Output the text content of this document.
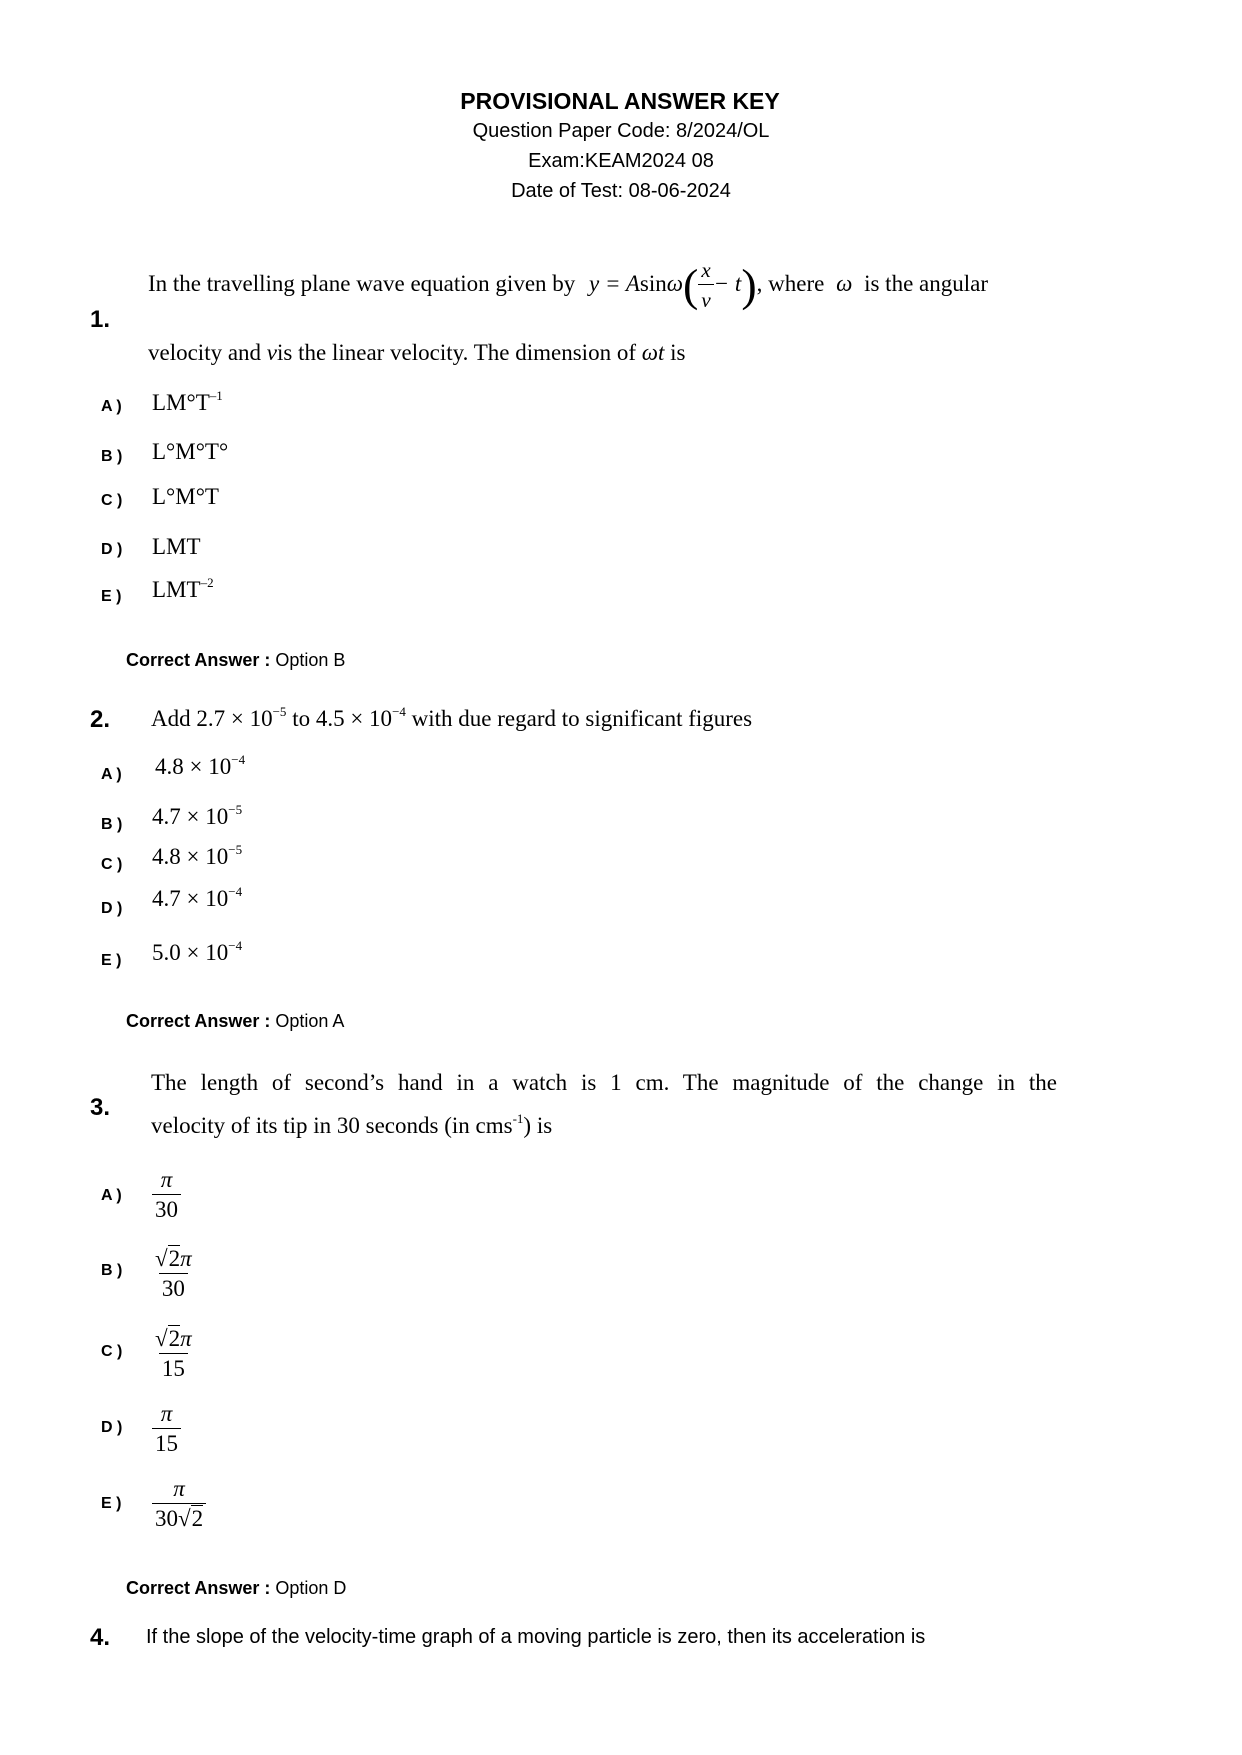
PROVISIONAL ANSWER KEY
Question Paper Code: 8/2024/OL
Exam:KEAM2024 08
Date of Test: 08-06-2024
1.
In the travelling plane wave equation given by $y = Asin\omega( \frac{x}{v} - t)$, where ω is the angular
velocity and vis the linear velocity. The dimension of ωt is
A ) $LM^\circ T^{-1}$
B ) L°M°T°
C ) L°M°T
D ) LMT
E ) $LMT^{-2}$
Correct Answer : Option B
2. Add $2.7 \times 10^{-5}$ to $4.5 \times 10^{-4}$ with due regard to significant figures
A ) $4.8 \times 10^{-4}$
B ) $4.7 \times 10^{-5}$
C ) $4.8 \times 10^{-5}$
D ) $4.7 \times 10^{-4}$
E ) $5.0 \times 10^{-4}$
Correct Answer : Option A
3.
The length of second’s hand in a watch is 1 cm. The magnitude of the change in the
velocity of its tip in 30 seconds (in cms$^{-1}$) is
A ) $\frac{\pi}{30}$
B ) $\frac{√2\pi}{30}$
C ) $\frac{√2\pi}{15}$
D ) $\frac{\pi}{15}$
E ) $\frac{\pi}{30√2}$
Correct Answer : Option D
4. If the slope of the velocity-time graph of a moving particle is zero, then its acceleration is
